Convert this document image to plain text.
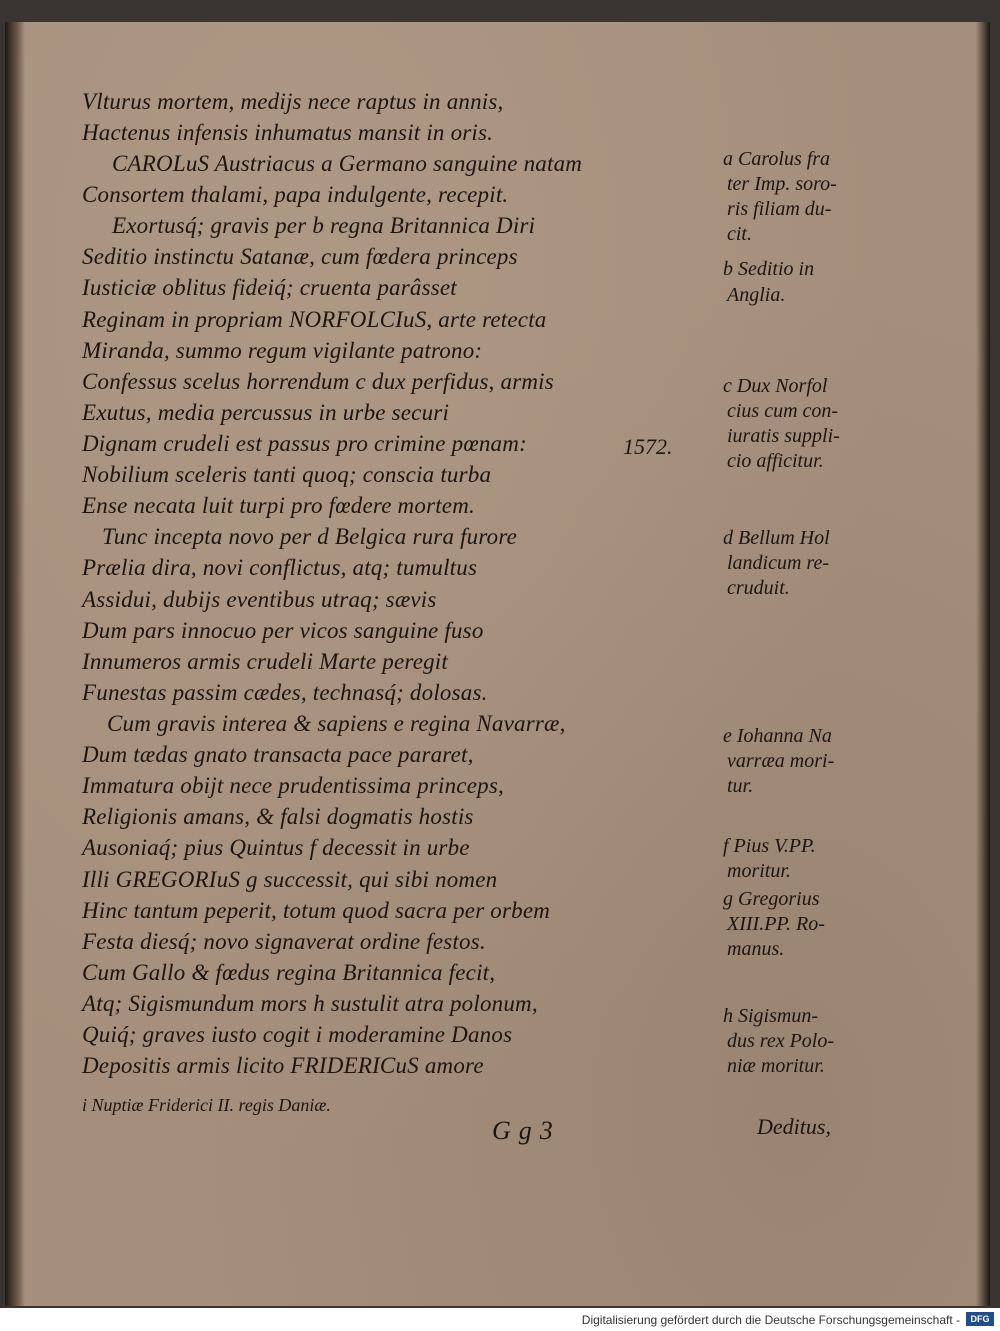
Vlturus mortem, medijs nece raptus in annis,
Hactenus infensis inhumatus mansit in oris.
CAROLuS Austriacus a Germano sanguine natam
Consortem thalami, papa indulgente, recepit.
Exortusq́; gravis per b regna Britannica Diri
Seditio instinctu Satanæ, cum fœdera princeps
Iusticiæ oblitus fideiq́; cruenta parâsset
Reginam in propriam NORFOLCIuS, arte retecta
Miranda, summo regum vigilante patrono:
Confessus scelus horrendum c dux perfidus, armis
Exutus, media percussus in urbe securi
Dignam crudeli est passus pro crimine pœnam:
Nobilium sceleris tanti quoq; conscia turba
Ense necata luit turpi pro fœdere mortem.
Tunc incepta novo per d Belgica rura furore
Prælia dira, novi conflictus, atq; tumultus
Assidui, dubijs eventibus utraq; sævis
Dum pars innocuo per vicos sanguine fuso
Innumeros armis crudeli Marte peregit
Funestas passim cædes, technasq́; dolosas.
Cum gravis interea & sapiens e regina Navarræ,
Dum tædas gnato transacta pace pararet,
Immatura obijt nece prudentissima princeps,
Religionis amans, & falsi dogmatis hostis
Ausoniaq́; pius Quintus f decessit in urbe
Illi GREGORIuS g successit, qui sibi nomen
Hinc tantum peperit, totum quod sacra per orbem
Festa diesq́; novo signaverat ordine festos.
Cum Gallo & fœdus regina Britannica fecit,
Atq; Sigismundum mors h sustulit atra polonum,
Quiq́; graves iusto cogit i moderamine Danos
Depositis armis licito FRIDERICuS amore
1572.
a Carolus fra
ter Imp. soro-
ris filiam du-
cit.
b Seditio in
Anglia.
c Dux Norfol
cius cum con-
iuratis suppli-
cio afficitur.
d Bellum Hol
landicum re-
cruduit.
e Iohanna Na
varræa mori-
tur.
f Pius V.PP.
moritur.
g Gregorius
XIII.PP. Ro-
manus.
h Sigismun-
dus rex Polo-
niæ moritur.
i Nuptiæ Friderici II. regis Daniæ.
Gg3	Deditus,
Digitalisierung gefördert durch die Deutsche Forschungsgemeinschaft -	DFG
